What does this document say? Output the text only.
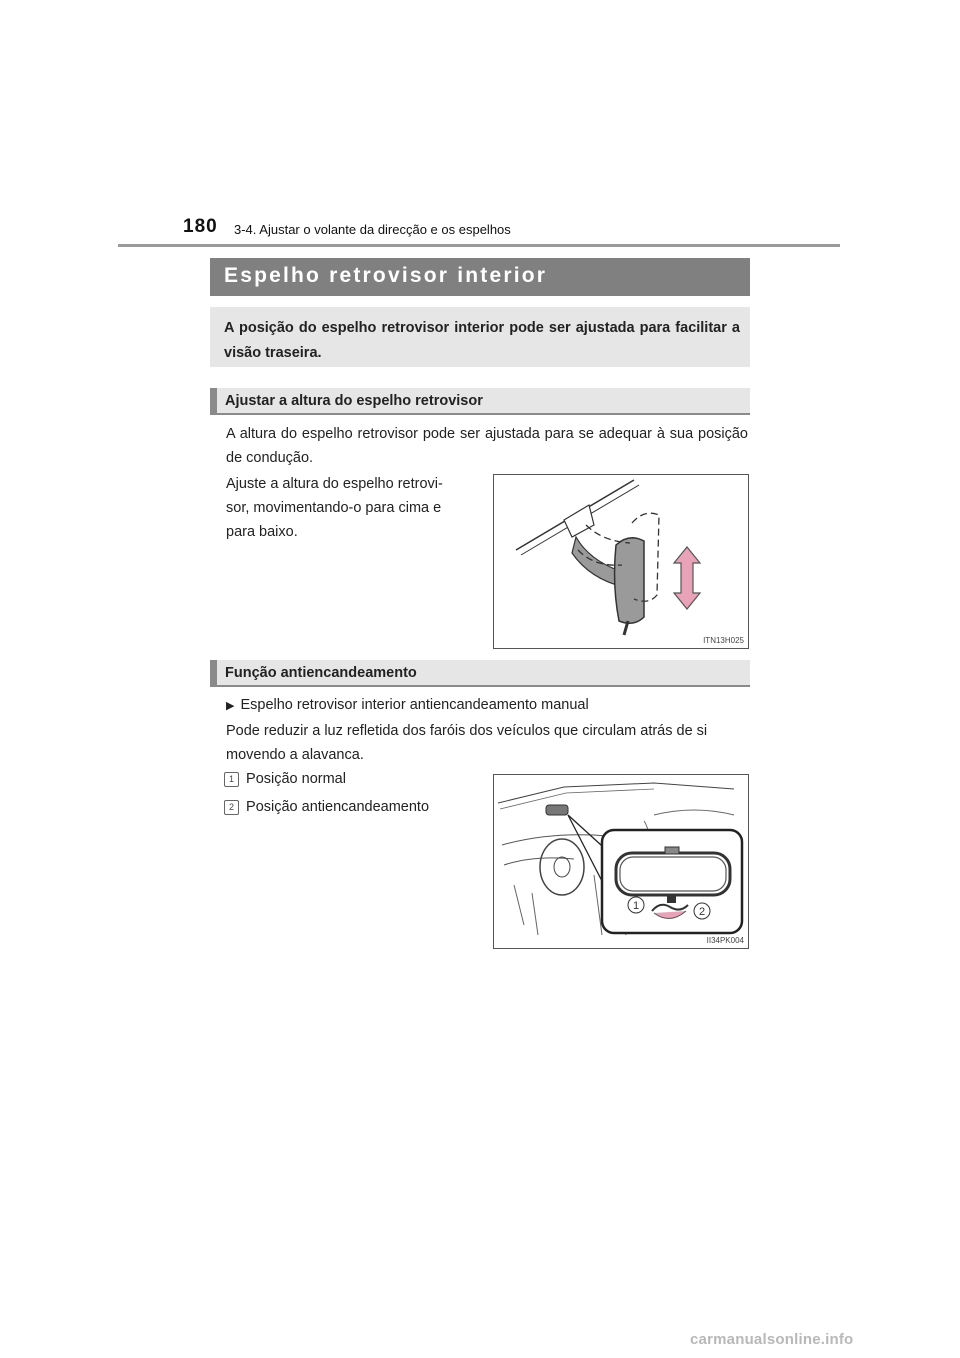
180 3-4. Ajustar o volante da direcção e os espelhos
Espelho retrovisor interior
A posição do espelho retrovisor interior pode ser ajustada para facilitar a visão traseira.
Ajustar a altura do espelho retrovisor
A altura do espelho retrovisor pode ser ajustada para se adequar à sua posição de condução.
Ajuste a altura do espelho retrovi-
sor, movimentando-o para cima e
para baixo.
ITN13H025
Função antiencandeamento
▶ Espelho retrovisor interior antiencandeamento manual
Pode reduzir a luz refletida dos faróis dos veículos que circulam atrás de si movendo a alavanca.
1 Posição normal
2 Posição antiencandeamento
1	2
II34PK004
carmanualsonline.info
